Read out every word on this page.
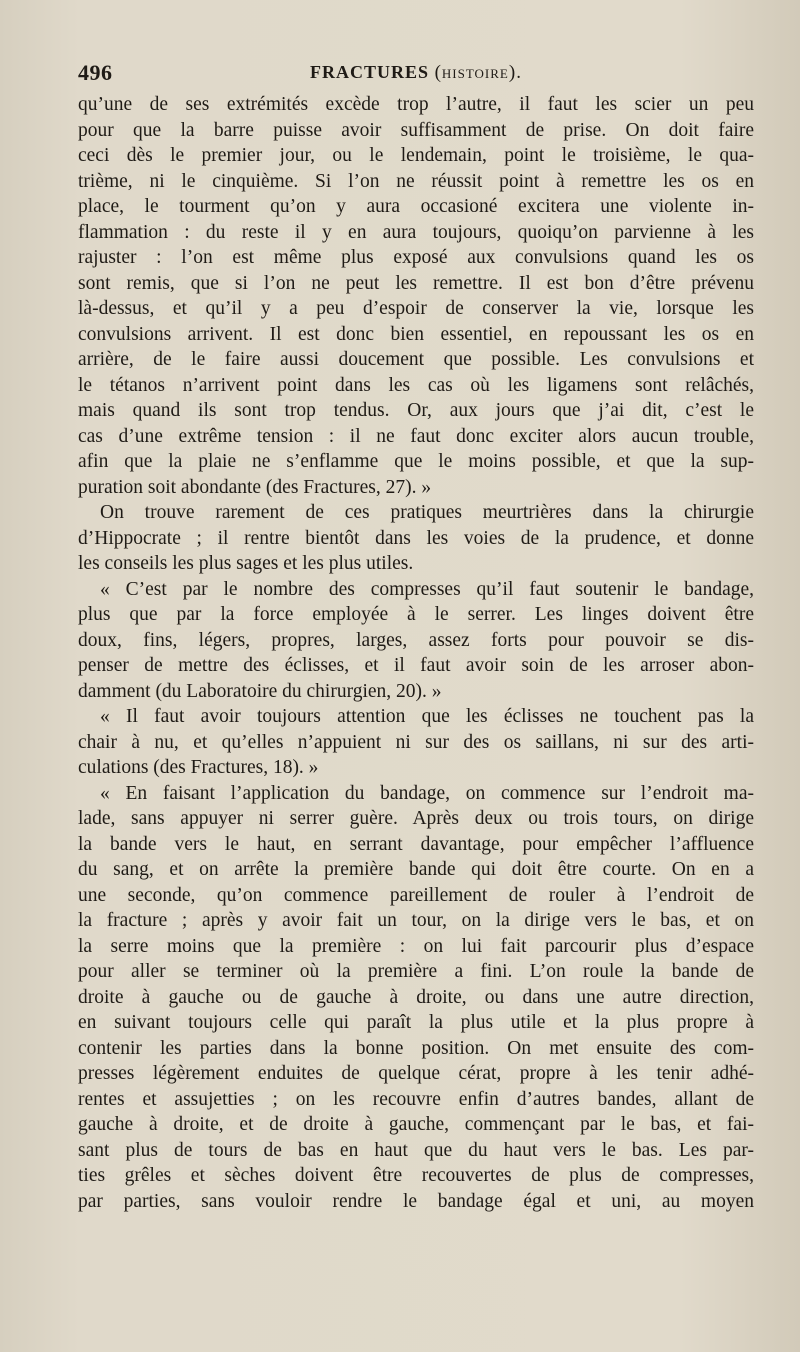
496	FRACTURES (histoire).
qu’une de ses extrémités excède trop l’autre, il faut les scier un peu
pour que la barre puisse avoir suffisamment de prise. On doit faire
ceci dès le premier jour, ou le lendemain, point le troisième, le qua-
trième, ni le cinquième. Si l’on ne réussit point à remettre les os en
place, le tourment qu’on y aura occasioné excitera une violente in-
flammation : du reste il y en aura toujours, quoiqu’on parvienne à les
rajuster : l’on est même plus exposé aux convulsions quand les os
sont remis, que si l’on ne peut les remettre. Il est bon d’être prévenu
là-dessus, et qu’il y a peu d’espoir de conserver la vie, lorsque les
convulsions arrivent. Il est donc bien essentiel, en repoussant les os en
arrière, de le faire aussi doucement que possible. Les convulsions et
le tétanos n’arrivent point dans les cas où les ligamens sont relâchés,
mais quand ils sont trop tendus. Or, aux jours que j’ai dit, c’est le
cas d’une extrême tension : il ne faut donc exciter alors aucun trouble,
afin que la plaie ne s’enflamme que le moins possible, et que la sup-
puration soit abondante (des Fractures, 27). »
On trouve rarement de ces pratiques meurtrières dans la chirurgie
d’Hippocrate ; il rentre bientôt dans les voies de la prudence, et donne
les conseils les plus sages et les plus utiles.
« C’est par le nombre des compresses qu’il faut soutenir le bandage,
plus que par la force employée à le serrer. Les linges doivent être
doux, fins, légers, propres, larges, assez forts pour pouvoir se dis-
penser de mettre des éclisses, et il faut avoir soin de les arroser abon-
damment (du Laboratoire du chirurgien, 20). »
« Il faut avoir toujours attention que les éclisses ne touchent pas la
chair à nu, et qu’elles n’appuient ni sur des os saillans, ni sur des arti-
culations (des Fractures, 18). »
« En faisant l’application du bandage, on commence sur l’endroit ma-
lade, sans appuyer ni serrer guère. Après deux ou trois tours, on dirige
la bande vers le haut, en serrant davantage, pour empêcher l’affluence
du sang, et on arrête la première bande qui doit être courte. On en a
une seconde, qu’on commence pareillement de rouler à l’endroit de
la fracture ; après y avoir fait un tour, on la dirige vers le bas, et on
la serre moins que la première : on lui fait parcourir plus d’espace
pour aller se terminer où la première a fini. L’on roule la bande de
droite à gauche ou de gauche à droite, ou dans une autre direction,
en suivant toujours celle qui paraît la plus utile et la plus propre à
contenir les parties dans la bonne position. On met ensuite des com-
presses légèrement enduites de quelque cérat, propre à les tenir adhé-
rentes et assujetties ; on les recouvre enfin d’autres bandes, allant de
gauche à droite, et de droite à gauche, commençant par le bas, et fai-
sant plus de tours de bas en haut que du haut vers le bas. Les par-
ties grêles et sèches doivent être recouvertes de plus de compresses,
par parties, sans vouloir rendre le bandage égal et uni, au moyen
